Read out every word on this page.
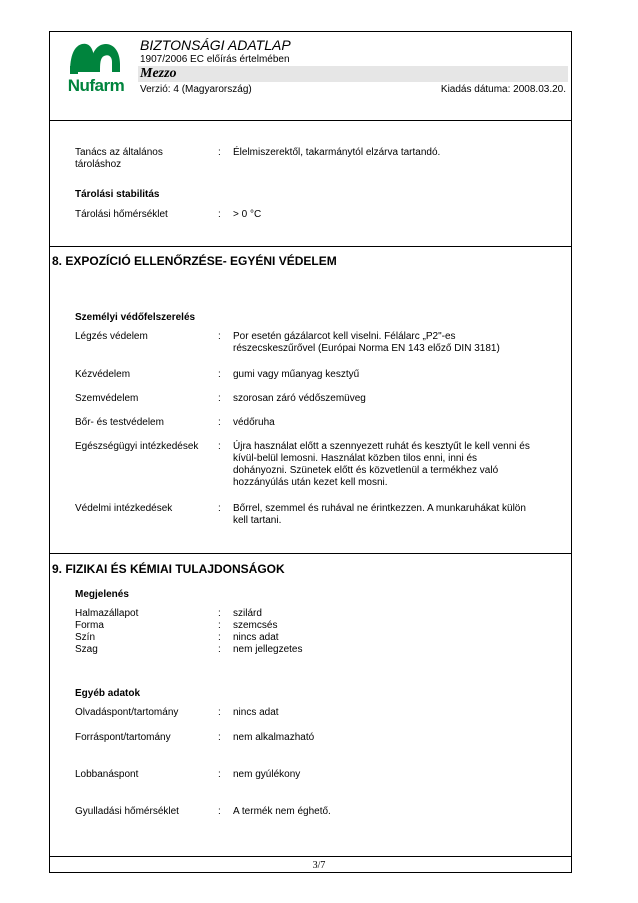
Nufarm
BIZTONSÁGI ADATLAP
1907/2006 EC előírás értelmében
Mezzo
Verzió: 4 (Magyarország)	Kiadás dátuma: 2008.03.20.
Tanács az általános tároláshoz
: Élelmiszerektől, takarmánytól elzárva tartandó.
Tárolási stabilitás
Tárolási hőmérséklet	: > 0 °C
8. EXPOZÍCIÓ ELLENŐRZÉSE- EGYÉNI VÉDELEM
Személyi védőfelszerelés
Légzés védelem	: Por esetén gázálarcot kell viselni. Félálarc „P2"-es részecskeszűrővel (Európai Norma EN 143 előző DIN 3181)
Kézvédelem	: gumi vagy műanyag kesztyű
Szemvédelem	: szorosan záró védőszemüveg
Bőr- és testvédelem	: védőruha
Egészségügyi intézkedések	: Újra használat előtt a szennyezett ruhát és kesztyűt le kell venni és kívül-belül lemosni. Használat közben tilos enni, inni és dohányozni. Szünetek előtt és közvetlenül a termékhez való hozzányúlás után kezet kell mosni.
Védelmi intézkedések	: Bőrrel, szemmel és ruhával ne érintkezzen. A munkaruhákat külön kell tartani.
9. FIZIKAI ÉS KÉMIAI TULAJDONSÁGOK
Megjelenés
Halmazállapot	: szilárd
Forma	: szemcsés
Szín	: nincs adat
Szag	: nem jellegzetes
Egyéb adatok
Olvadáspont/tartomány	: nincs adat
Forráspont/tartomány	: nem alkalmazható
Lobbanáspont	: nem gyúlékony
Gyulladási hőmérséklet	: A termék nem éghető.
3/7
